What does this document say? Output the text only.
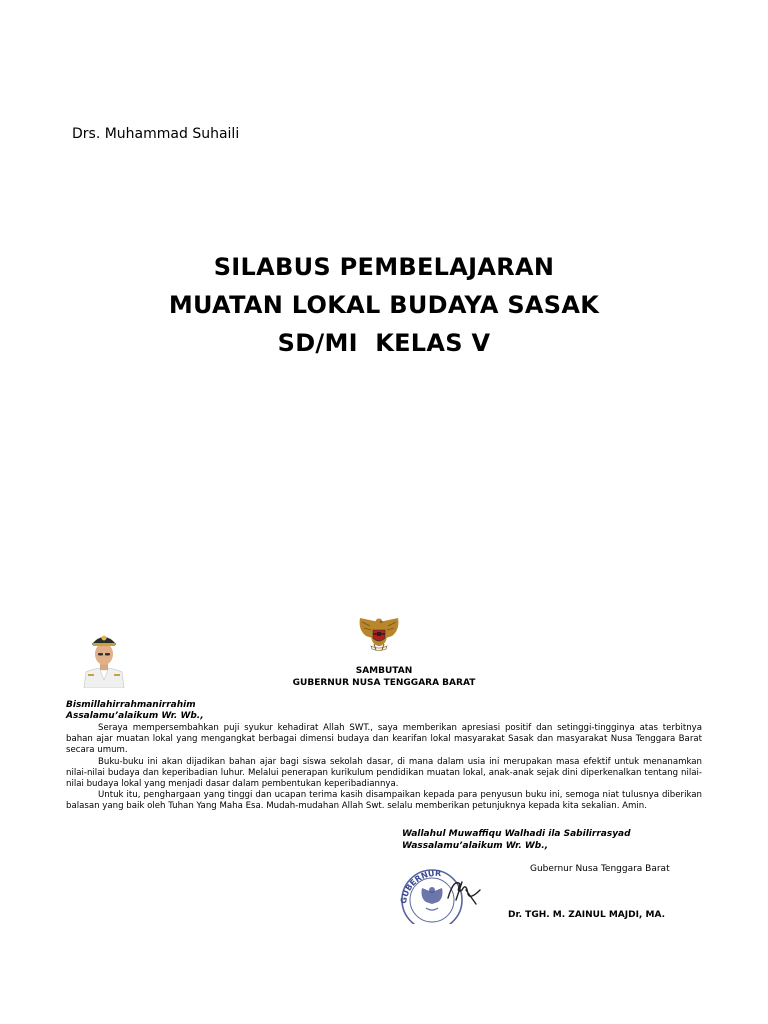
Drs. Muhammad Suhaili
SILABUS PEMBELAJARAN
MUATAN LOKAL BUDAYA SASAK
SD/MI  KELAS V
SAMBUTAN
GUBERNUR NUSA TENGGARA BARAT
Bismillahirrahmanirrahim
Assalamu’alaikum Wr. Wb.,

Seraya mempersembahkan puji syukur kehadirat Allah SWT., saya memberikan apresiasi positif dan setinggi-tingginya atas terbitnya bahan ajar muatan lokal yang mengangkat berbagai dimensi budaya dan kearifan lokal masyarakat Sasak dan masyarakat Nusa Tenggara Barat secara umum.

Buku-buku ini akan dijadikan bahan ajar bagi siswa sekolah dasar, di mana dalam usia ini merupakan masa efektif untuk menanamkan nilai-nilai budaya dan keperibadian luhur. Melalui penerapan kurikulum pendidikan muatan lokal, anak-anak sejak dini diperkenalkan tentang nilai-nilai budaya lokal yang menjadi dasar dalam pembentukan keperibadiannya.

Untuk itu, penghargaan yang tinggi dan ucapan terima kasih disampaikan kepada para penyusun buku ini, semoga niat tulusnya diberikan balasan yang baik oleh Tuhan Yang Maha Esa. Mudah-mudahan Allah Swt. selalu memberikan petunjuknya kepada kita sekalian. Amin.

Wallahul Muwaffiqu Walhadi ila Sabilirrasyad
Wassalamu’alaikum Wr. Wb.,
GUBERNUR	Gubernur Nusa Tenggara Barat
Dr. TGH. M. ZAINUL MAJDI, MA.
